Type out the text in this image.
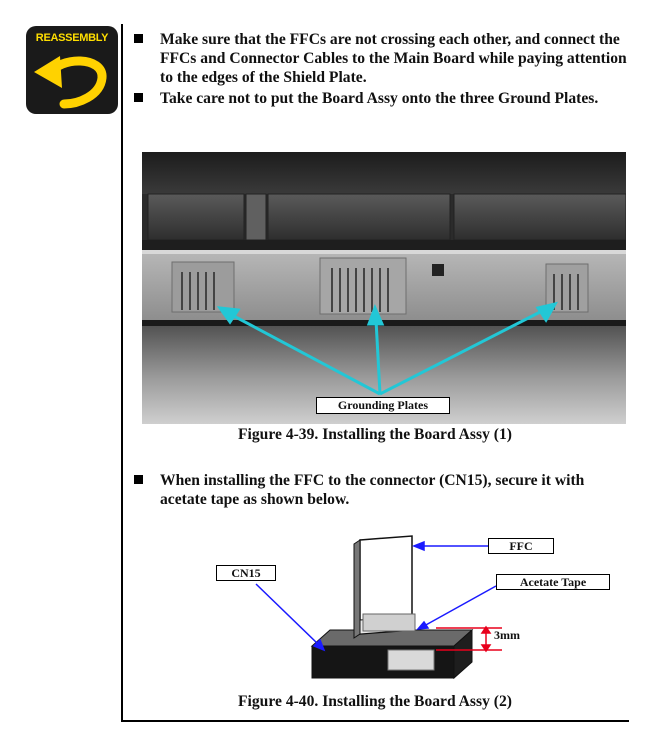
REASSEMBLY	Make sure that the FFCs are not crossing each other, and connect the FFCs and Connector Cables to the Main Board while paying attention to the edges of the Shield Plate.
Take care not to put the Board Assy onto the three Ground Plates.
Grounding Plates
Figure 4-39. Installing the Board Assy (1)
When installing the FFC to the connector (CN15), secure it with acetate tape as shown below.
FFC
CN15
Acetate Tape
3mm
Figure 4-40. Installing the Board Assy (2)
